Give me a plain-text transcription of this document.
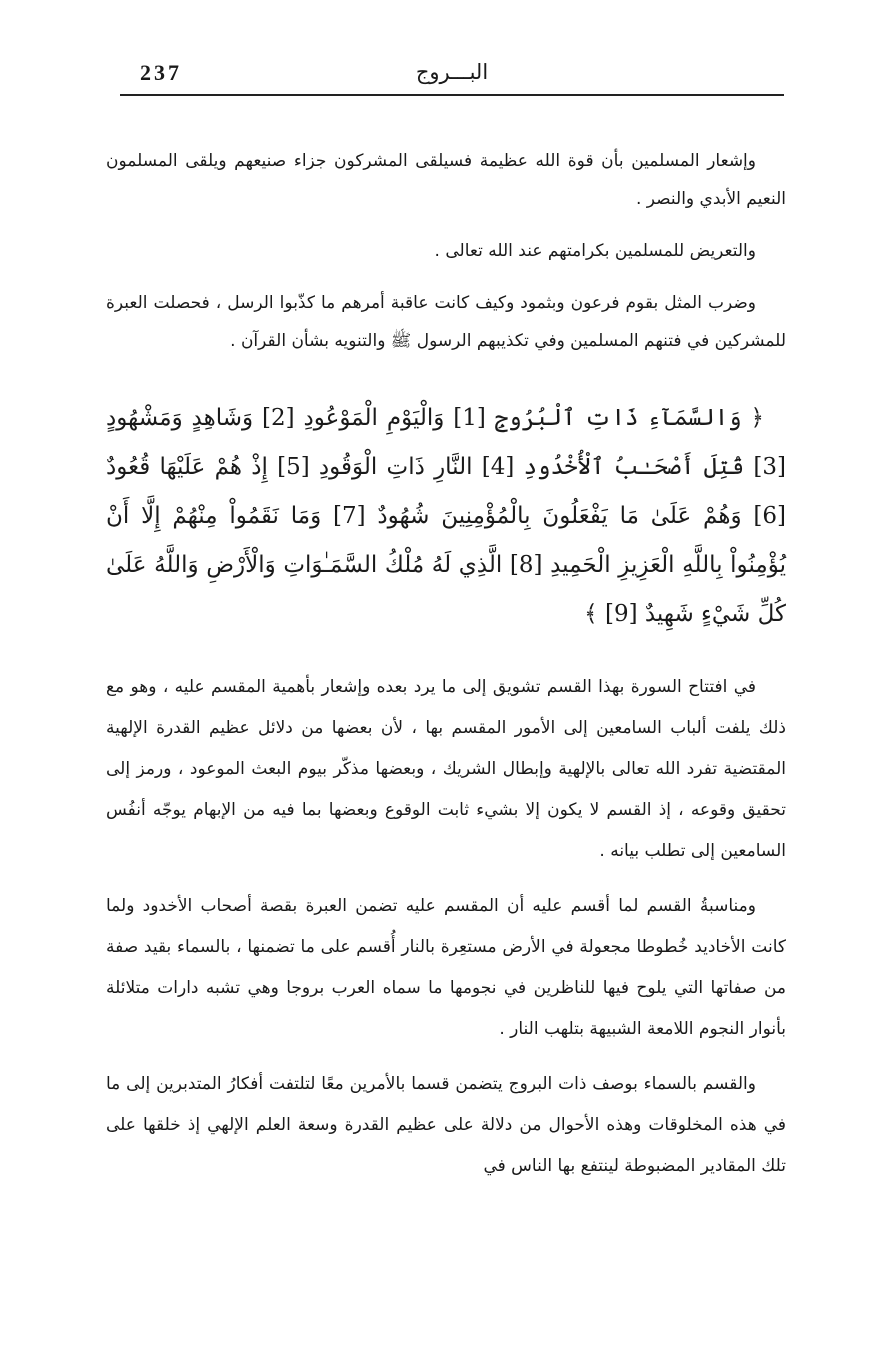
237	البـــروج

وإشعار المسلمين بأن قوة الله عظيمة فسيلقى المشركون جزاء صنيعهم ويلقى المسلمون النعيم الأبدي والنصر .

والتعريض للمسلمين بكرامتهم عند الله تعالى .

وضرب المثل بقوم فرعون وبثمود وكيف كانت عاقبة أمرهم ما كذّبوا الرسل ، فحصلت العبرة للمشركين في فتنهم المسلمين وفي تكذيبهم الرسول ﷺ والتنويه بشأن القرآن .

﴿ وَالسَّمَآءِ ذَاتِ ٱلْبُرُوجِ [1] وَالْيَوْمِ الْمَوْعُودِ [2] وَشَاهِدٍ وَمَشْهُودٍ [3] قُتِلَ أَصْحَـٰبُ ٱلْأُخْدُودِ [4] النَّارِ ذَاتِ الْوَقُودِ [5] إِذْ هُمْ عَلَيْهَا قُعُودٌ [6] وَهُمْ عَلَىٰ مَا يَفْعَلُونَ بِالْمُؤْمِنِينَ شُهُودٌ [7] وَمَا نَقَمُواْ مِنْهُمْ إِلَّا أَنْ يُؤْمِنُواْ بِاللَّهِ الْعَزِيزِ الْحَمِيدِ [8] الَّذِي لَهُ مُلْكُ السَّمَـٰوَاتِ وَالْأَرْضِ وَاللَّهُ عَلَىٰ كُلِّ شَيْءٍ شَهِيدٌ [9] ﴾

في افتتاح السورة بهذا القسم تشويق إلى ما يرد بعده وإشعار بأهمية المقسم عليه ، وهو مع ذلك يلفت ألباب السامعين إلى الأمور المقسم بها ، لأن بعضها من دلائل عظيم القدرة الإلهية المقتضية تفرد الله تعالى بالإلهية وإبطال الشريك ، وبعضها مذكّر بيوم البعث الموعود ، ورمز إلى تحقيق وقوعه ، إذ القسم لا يكون إلا بشيء ثابت الوقوع وبعضها بما فيه من الإبهام يوجّه أنفُس السامعين إلى تطلب بيانه .

ومناسبةُ القسم لما أقسم عليه أن المقسم عليه تضمن العبرة بقصة أصحاب الأخدود ولما كانت الأخاديد خُطوطا مجعولة في الأرض مستعِرة بالنار أُقسم على ما تضمنها ، بالسماء بقيد صفة من صفاتها التي يلوح فيها للناظرين في نجومها ما سماه العرب بروجا وهي تشبه دارات متلائلة بأنوار النجوم اللامعة الشبيهة بتلهب النار .

والقسم بالسماء بوصف ذات البروج يتضمن قسما بالأمرين معًا لتلتفت أفكارُ المتدبرين إلى ما في هذه المخلوقات وهذه الأحوال من دلالة على عظيم القدرة وسعة العلم الإلهي إذ خلقها على تلك المقادير المضبوطة لينتفع بها الناس في
